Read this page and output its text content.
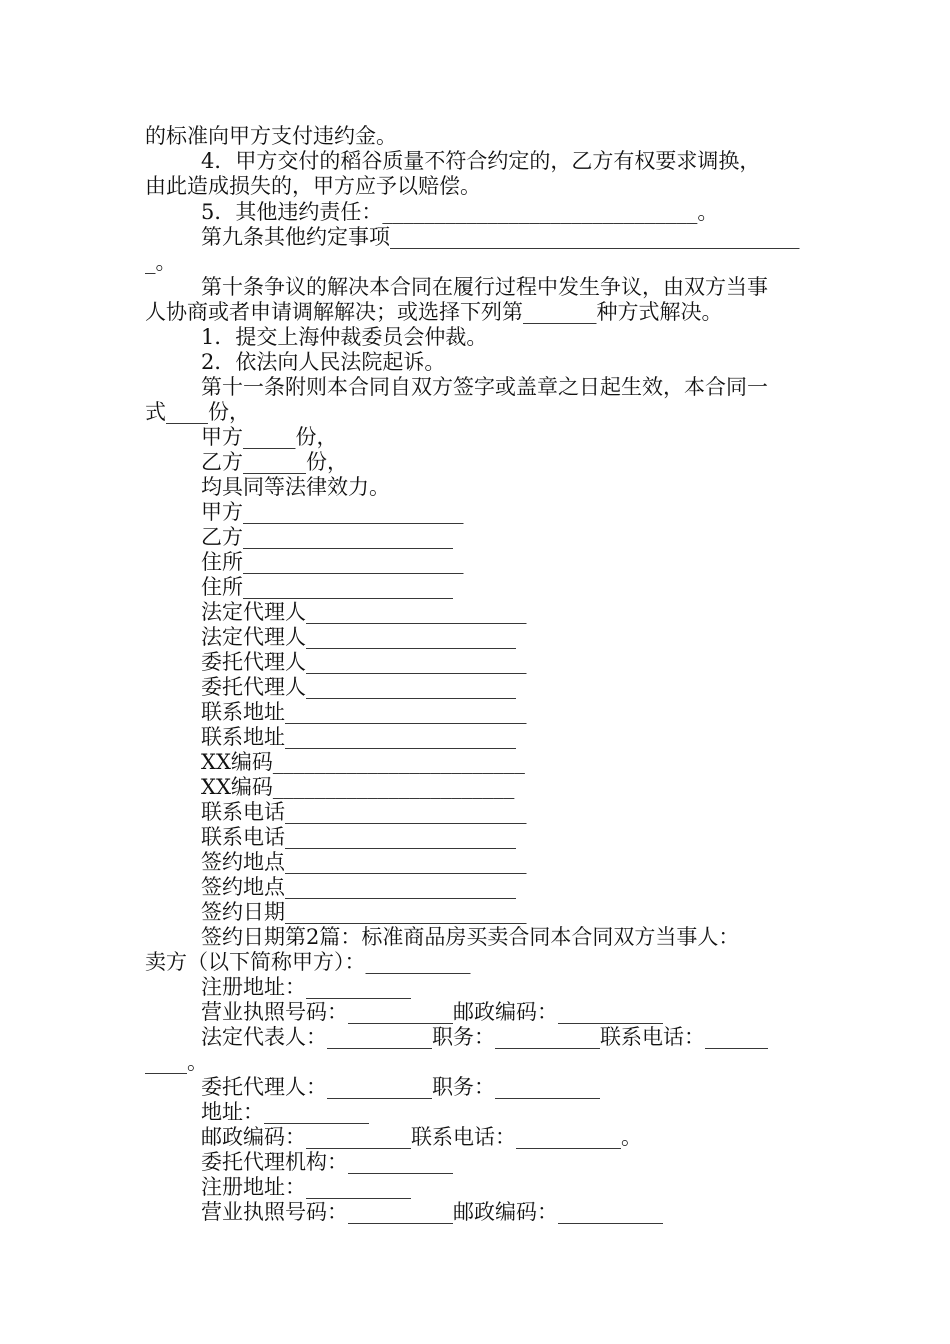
的标准向甲方支付违约金。
4．甲方交付的稻谷质量不符合约定的，乙方有权要求调换，
由此造成损失的，甲方应予以赔偿。
5．其他违约责任：______________________________。
第九条其他约定事项_______________________________________
_。
第十条争议的解决本合同在履行过程中发生争议，由双方当事
人协商或者申请调解解决；或选择下列第_______种方式解决。
1．提交上海仲裁委员会仲裁。
2．依法向人民法院起诉。
第十一条附则本合同自双方签字或盖章之日起生效，本合同一
式____份，
甲方_____份，
乙方______份，
均具同等法律效力。
甲方_____________________
乙方____________________
住所_____________________
住所____________________
法定代理人_____________________
法定代理人____________________
委托代理人_____________________
委托代理人____________________
联系地址_______________________
联系地址______________________
XX编码________________________
XX编码_______________________
联系电话_______________________
联系电话______________________
签约地点_______________________
签约地点______________________
签约日期_______________________
签约日期第2篇：标准商品房买卖合同本合同双方当事人：
卖方（以下简称甲方）：__________
注册地址：__________
营业执照号码：__________邮政编码：__________
法定代表人：__________职务：__________联系电话：______
____。
委托代理人：__________职务：__________
地址：__________
邮政编码：__________联系电话：__________。
委托代理机构：__________
注册地址：__________
营业执照号码：__________邮政编码：__________
